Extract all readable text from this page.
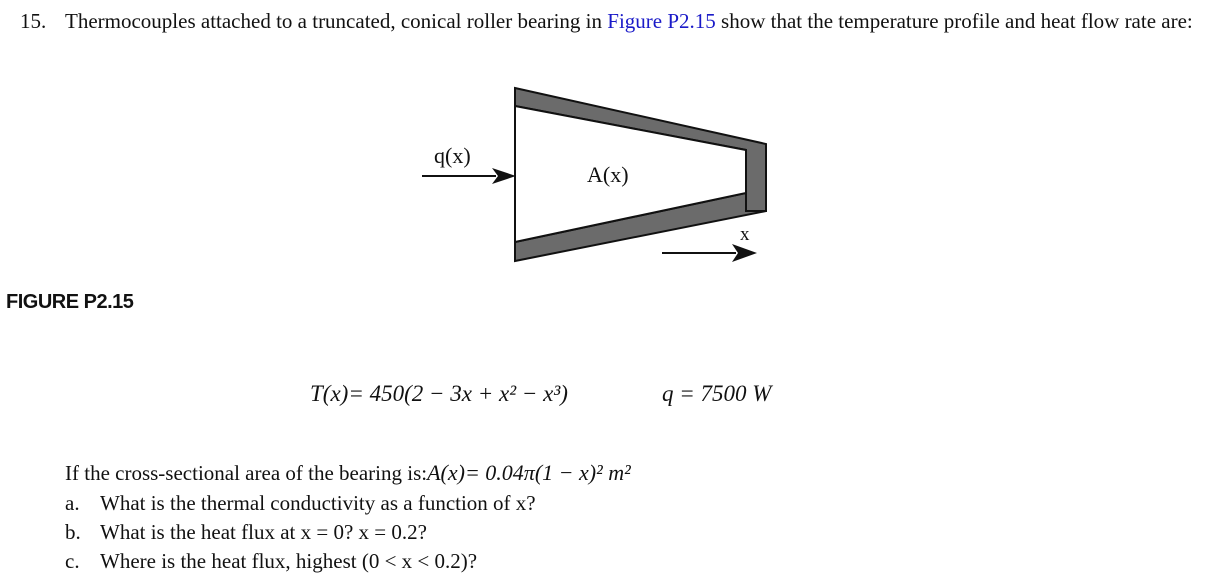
15. Thermocouples attached to a truncated, conical roller bearing in Figure P2.15 show that the temperature profile and heat flow rate are:
q(x)
A(x)
x
FIGURE P2.15
T(x)= 450(2 − 3x + x² − x³)	q = 7500 W
If the cross-sectional area of the bearing is:A(x)= 0.04π(1 − x)² m²
a. What is the thermal conductivity as a function of x?
b. What is the heat flux at x = 0? x = 0.2?
c. Where is the heat flux, highest (0 < x < 0.2)?
